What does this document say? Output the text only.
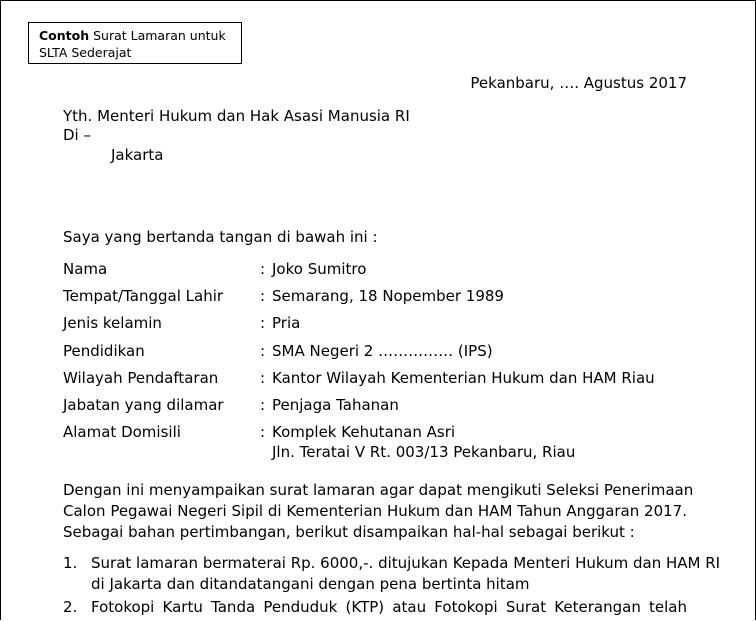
Contoh Surat Lamaran untuk
SLTA Sederajat
Pekanbaru, …. Agustus 2017
Yth. Menteri Hukum dan Hak Asasi Manusia RI
Di –
Jakarta
Saya yang bertanda tangan di bawah ini :
Nama	: Joko Sumitro
Tempat/Tanggal Lahir : Semarang, 18 Nopember 1989
Jenis kelamin	: Pria
Pendidikan	: SMA Negeri 2 …………… (IPS)
Wilayah Pendaftaran	: Kantor Wilayah Kementerian Hukum dan HAM Riau
Jabatan yang dilamar : Penjaga Tahanan
Alamat Domisili	: Komplek Kehutanan Asri
Jln. Teratai V Rt. 003/13 Pekanbaru, Riau
Dengan ini menyampaikan surat lamaran agar dapat mengikuti Seleksi Penerimaan
Calon Pegawai Negeri Sipil di Kementerian Hukum dan HAM Tahun Anggaran 2017.
Sebagai bahan pertimbangan, berikut disampaikan hal-hal sebagai berikut :
1. Surat lamaran bermaterai Rp. 6000,-. ditujukan Kepada Menteri Hukum dan HAM RI
di Jakarta dan ditandatangani dengan pena bertinta hitam
2. Fotokopi Kartu Tanda Penduduk (KTP) atau Fotokopi Surat Keterangan telah
